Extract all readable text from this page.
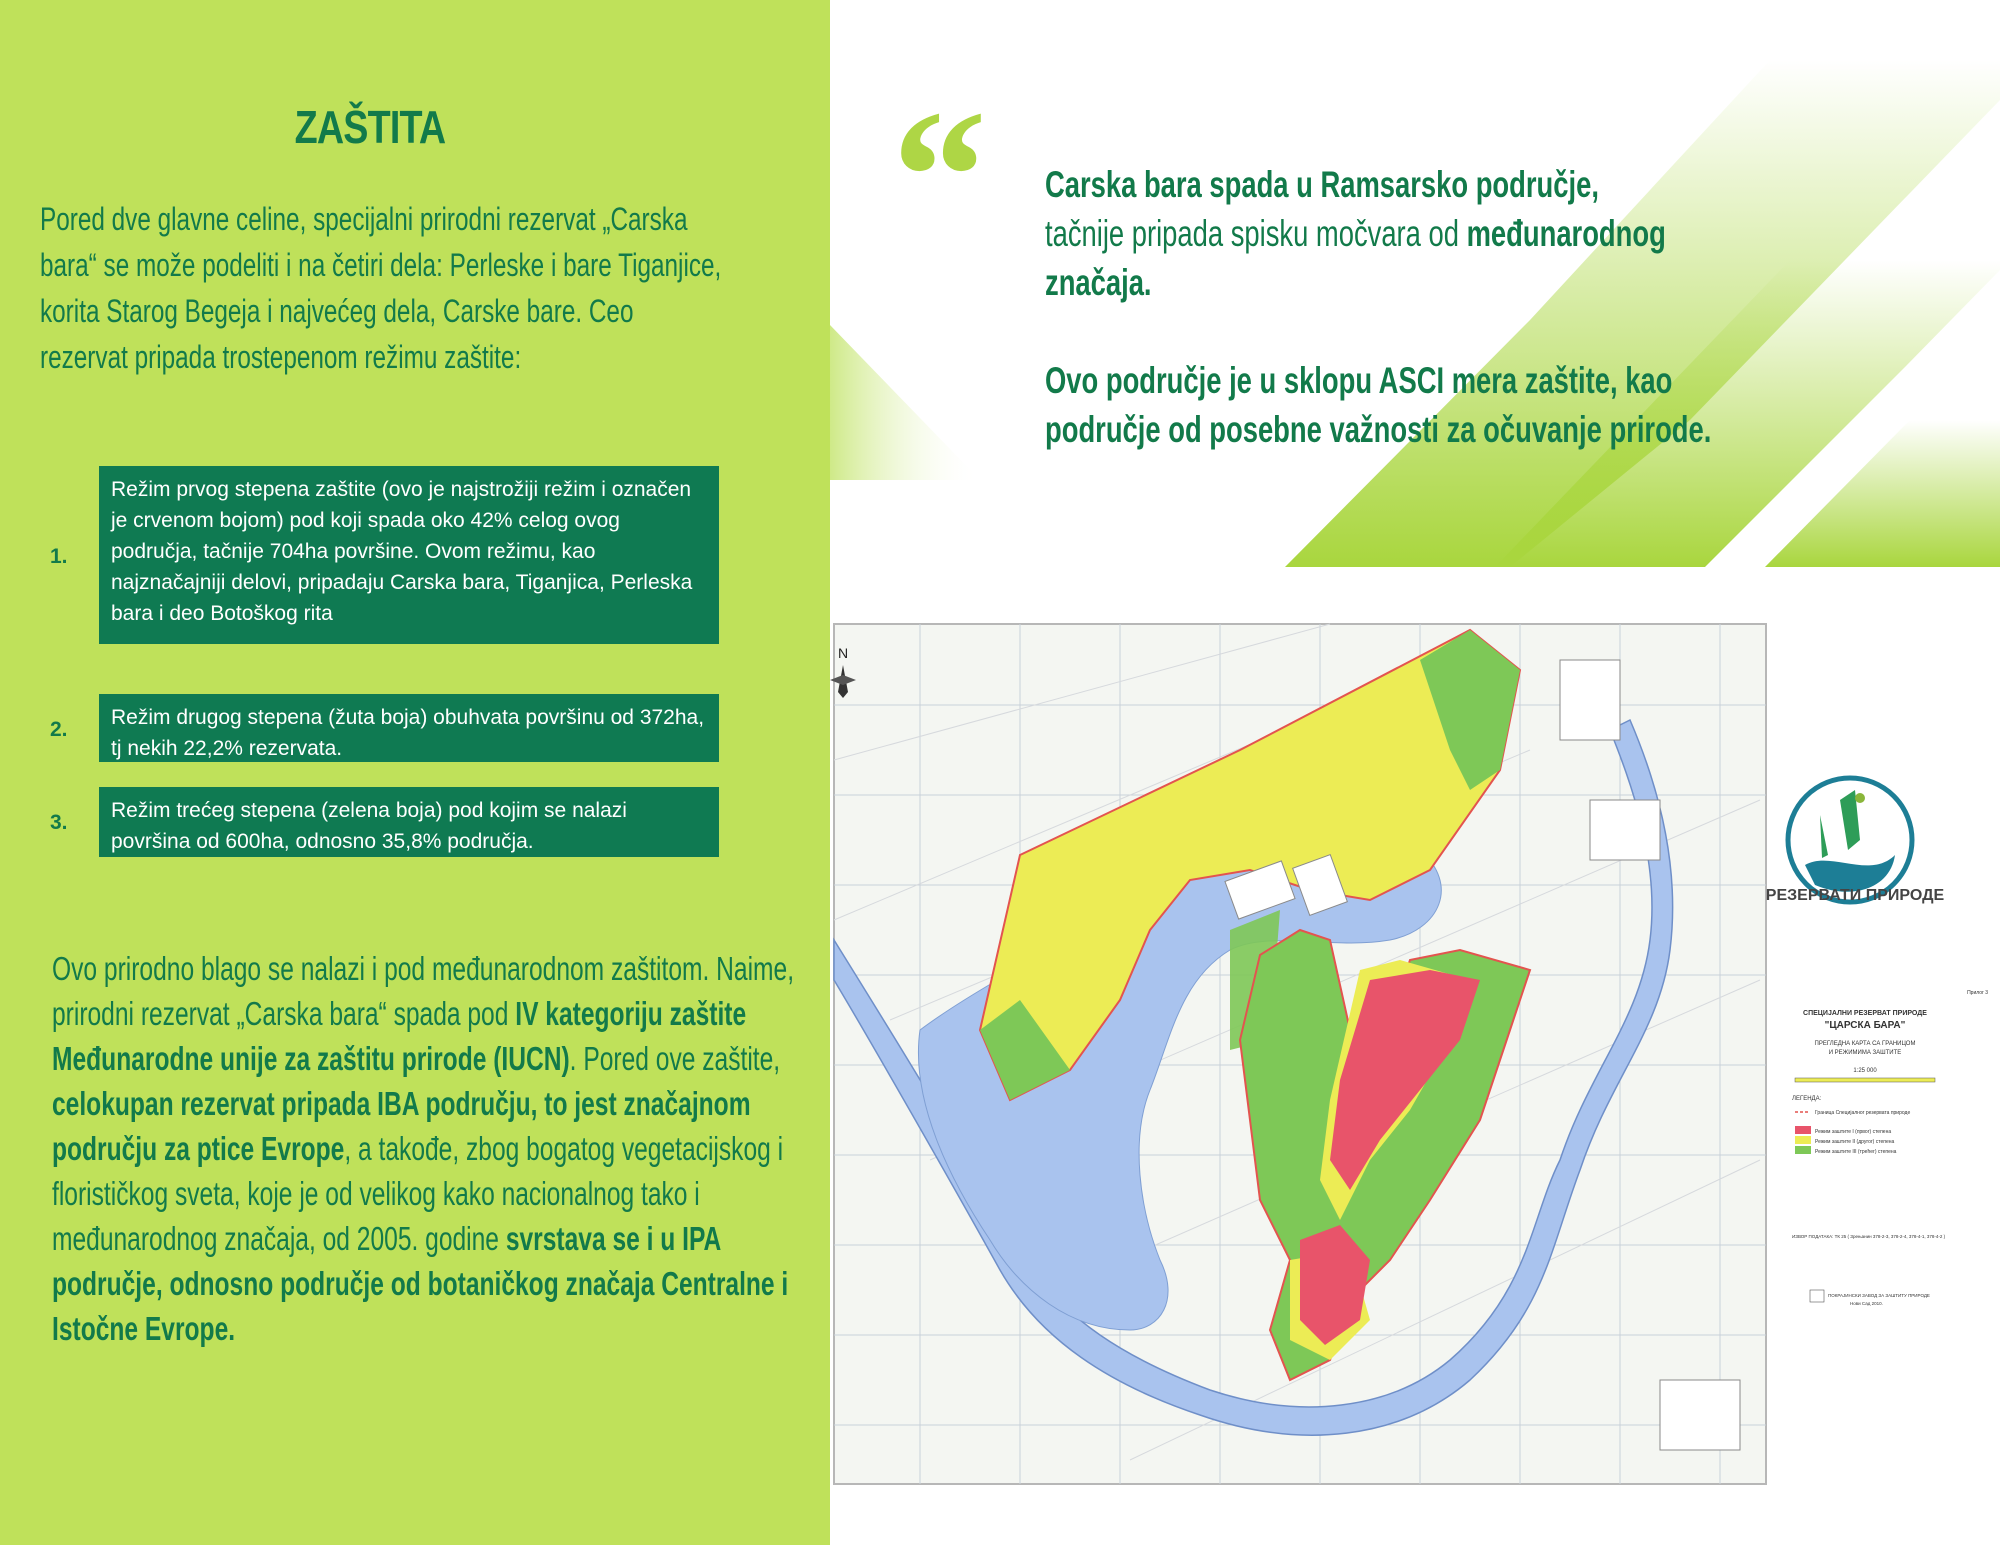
ZAŠTITA
Pored dve glavne celine, specijalni prirodni rezervat „Carska bara“ se može podeliti i na četiri dela: Perleske i bare Tiganjice, korita Starog Begeja i najvećeg dela, Carske bare. Ceo rezervat pripada trostepenom režimu zaštite:
1.
Režim prvog stepena zaštite (ovo je najstrožiji režim i označen je crvenom bojom) pod koji spada oko 42% celog ovog područja, tačnije 704ha površine. Ovom režimu, kao najznačajniji delovi, pripadaju Carska bara, Tiganjica, Perleska bara i deo Botoškog rita
2.
Režim drugog stepena (žuta boja) obuhvata površinu od 372ha, tj nekih 22,2% rezervata.
3.
Režim trećeg stepena (zelena boja) pod kojim se nalazi površina od 600ha, odnosno 35,8% područja.
Ovo prirodno blago se nalazi i pod međunarodnom zaštitom. Naime, prirodni rezervat „Carska bara“ spada pod IV kategoriju zaštite Međunarodne unije za zaštitu prirode (IUCN). Pored ove zaštite, celokupan rezervat pripada IBA području, to jest značajnom području za ptice Evrope, a takođe, zbog bogatog vegetacijskog i florističkog sveta, koje je od velikog kako nacionalnog tako i međunarodnog značaja, od 2005. godine svrstava se i u IPA područje, odnosno područje od botaničkog značaja Centralne i Istočne Evrope.
“ Carska bara spada u Ramsarsko područje,
tačnije pripada spisku močvara od međunarodnog značaja.

Ovo područje je u sklopu ASCI mera zaštite, kao područje od posebne važnosti za očuvanje prirode.
N
РЕЗЕРВАТИ ПРИРОДЕ
Прилог 3
СПЕЦИЈАЛНИ РЕЗЕРВАТ ПРИРОДЕ
"ЦАРСКА БАРА"
ПРЕГЛЕДНА КАРТА СА ГРАНИЦОМ
И РЕЖИМИМА ЗАШТИТЕ
1:25 000
ЛЕГЕНДА:
Граница Специјалног резервата природе
Режим заштите I (првог) степена
Режим заштите II (другог) степена
Режим заштите III (трећег) степена
ИЗВОР ПОДАТАКА: ТК 25 ( Зрењанин 378-2-3, 378-2-4, 378-4-1, 378-4-2 )
ПОКРАЈИНСКИ ЗАВОД ЗА ЗАШТИТУ ПРИРОДЕ
Нови Сад 2010.
